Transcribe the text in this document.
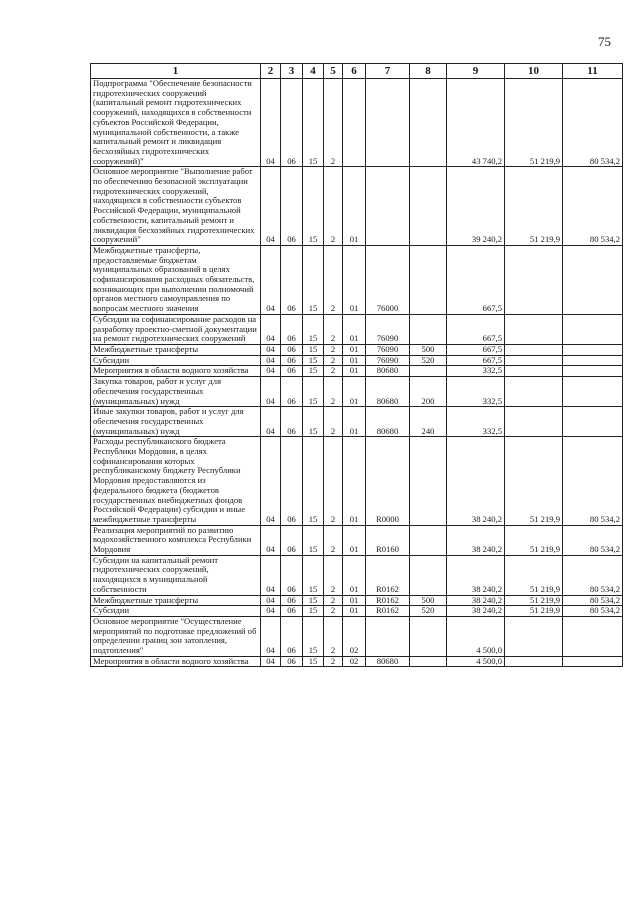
75
1	2	3	4	5	6	7	8	9	10	11
Подпрограмма "Обеспечение безопасности гидротехнических сооружений (капитальный ремонт гидротехнических сооружений, находящихся в собственности субъектов Российской Федерации, муниципальной собственности, а также капитальный ремонт и ликвидация бесхозяйных гидротехнических сооружений)"	04	06	15	2				43 740,2	51 219,9	80 534,2
Основное мероприятие "Выполнение работ по обеспечению безопасной эксплуатации гидротехнических сооружений, находящихся в собственности субъектов Российской Федерации, муниципальной собственности, капитальный ремонт и ликвидация бесхозяйных гидротехнических сооружений"	04	06	15	2	01			39 240,2	51 219,9	80 534,2
Межбюджетные трансферты, предоставляемые бюджетам муниципальных образований в целях софинансирования расходных обязательств, возникающих при выполнении полномочий органов местного самоуправления по вопросам местного значения	04	06	15	2	01	76000		667,5		
Субсидии на софинансирование расходов на разработку проектно-сметной документации на ремонт гидротехнических сооружений	04	06	15	2	01	76090		667,5		
Межбюджетные трансферты	04	06	15	2	01	76090	500	667,5		
Субсидии	04	06	15	2	01	76090	520	667,5		
Мероприятия в области водного хозяйства	04	06	15	2	01	80680		332,5		
Закупка товаров, работ и услуг для обеспечения государственных (муниципальных) нужд	04	06	15	2	01	80680	200	332,5		
Иные закупки товаров, работ и услуг для обеспечения государственных (муниципальных) нужд	04	06	15	2	01	80680	240	332,5		
Расходы республиканского бюджета Республики Мордовия, в целях софинансирования которых республиканскому бюджету Республики Мордовия предоставляются из федерального бюджета (бюджетов государственных внебюджетных фондов Российской Федерации) субсидии и иные межбюджетные трансферты	04	06	15	2	01	R0000		38 240,2	51 219,9	80 534,2
Реализация мероприятий по развитию водохозяйственного комплекса Республики Мордовия	04	06	15	2	01	R0160		38 240,2	51 219,9	80 534,2
Субсидии на капитальный ремонт гидротехнических сооружений, находящихся в муниципальной собственности	04	06	15	2	01	R0162		38 240,2	51 219,9	80 534,2
Межбюджетные трансферты	04	06	15	2	01	R0162	500	38 240,2	51 219,9	80 534,2
Субсидии	04	06	15	2	01	R0162	520	38 240,2	51 219,9	80 534,2
Основное мероприятие "Осуществление мероприятий по подготовке предложений об определении границ зон затопления, подтопления"	04	06	15	2	02			4 500,0		
Мероприятия в области водного хозяйства	04	06	15	2	02	80680		4 500,0		
